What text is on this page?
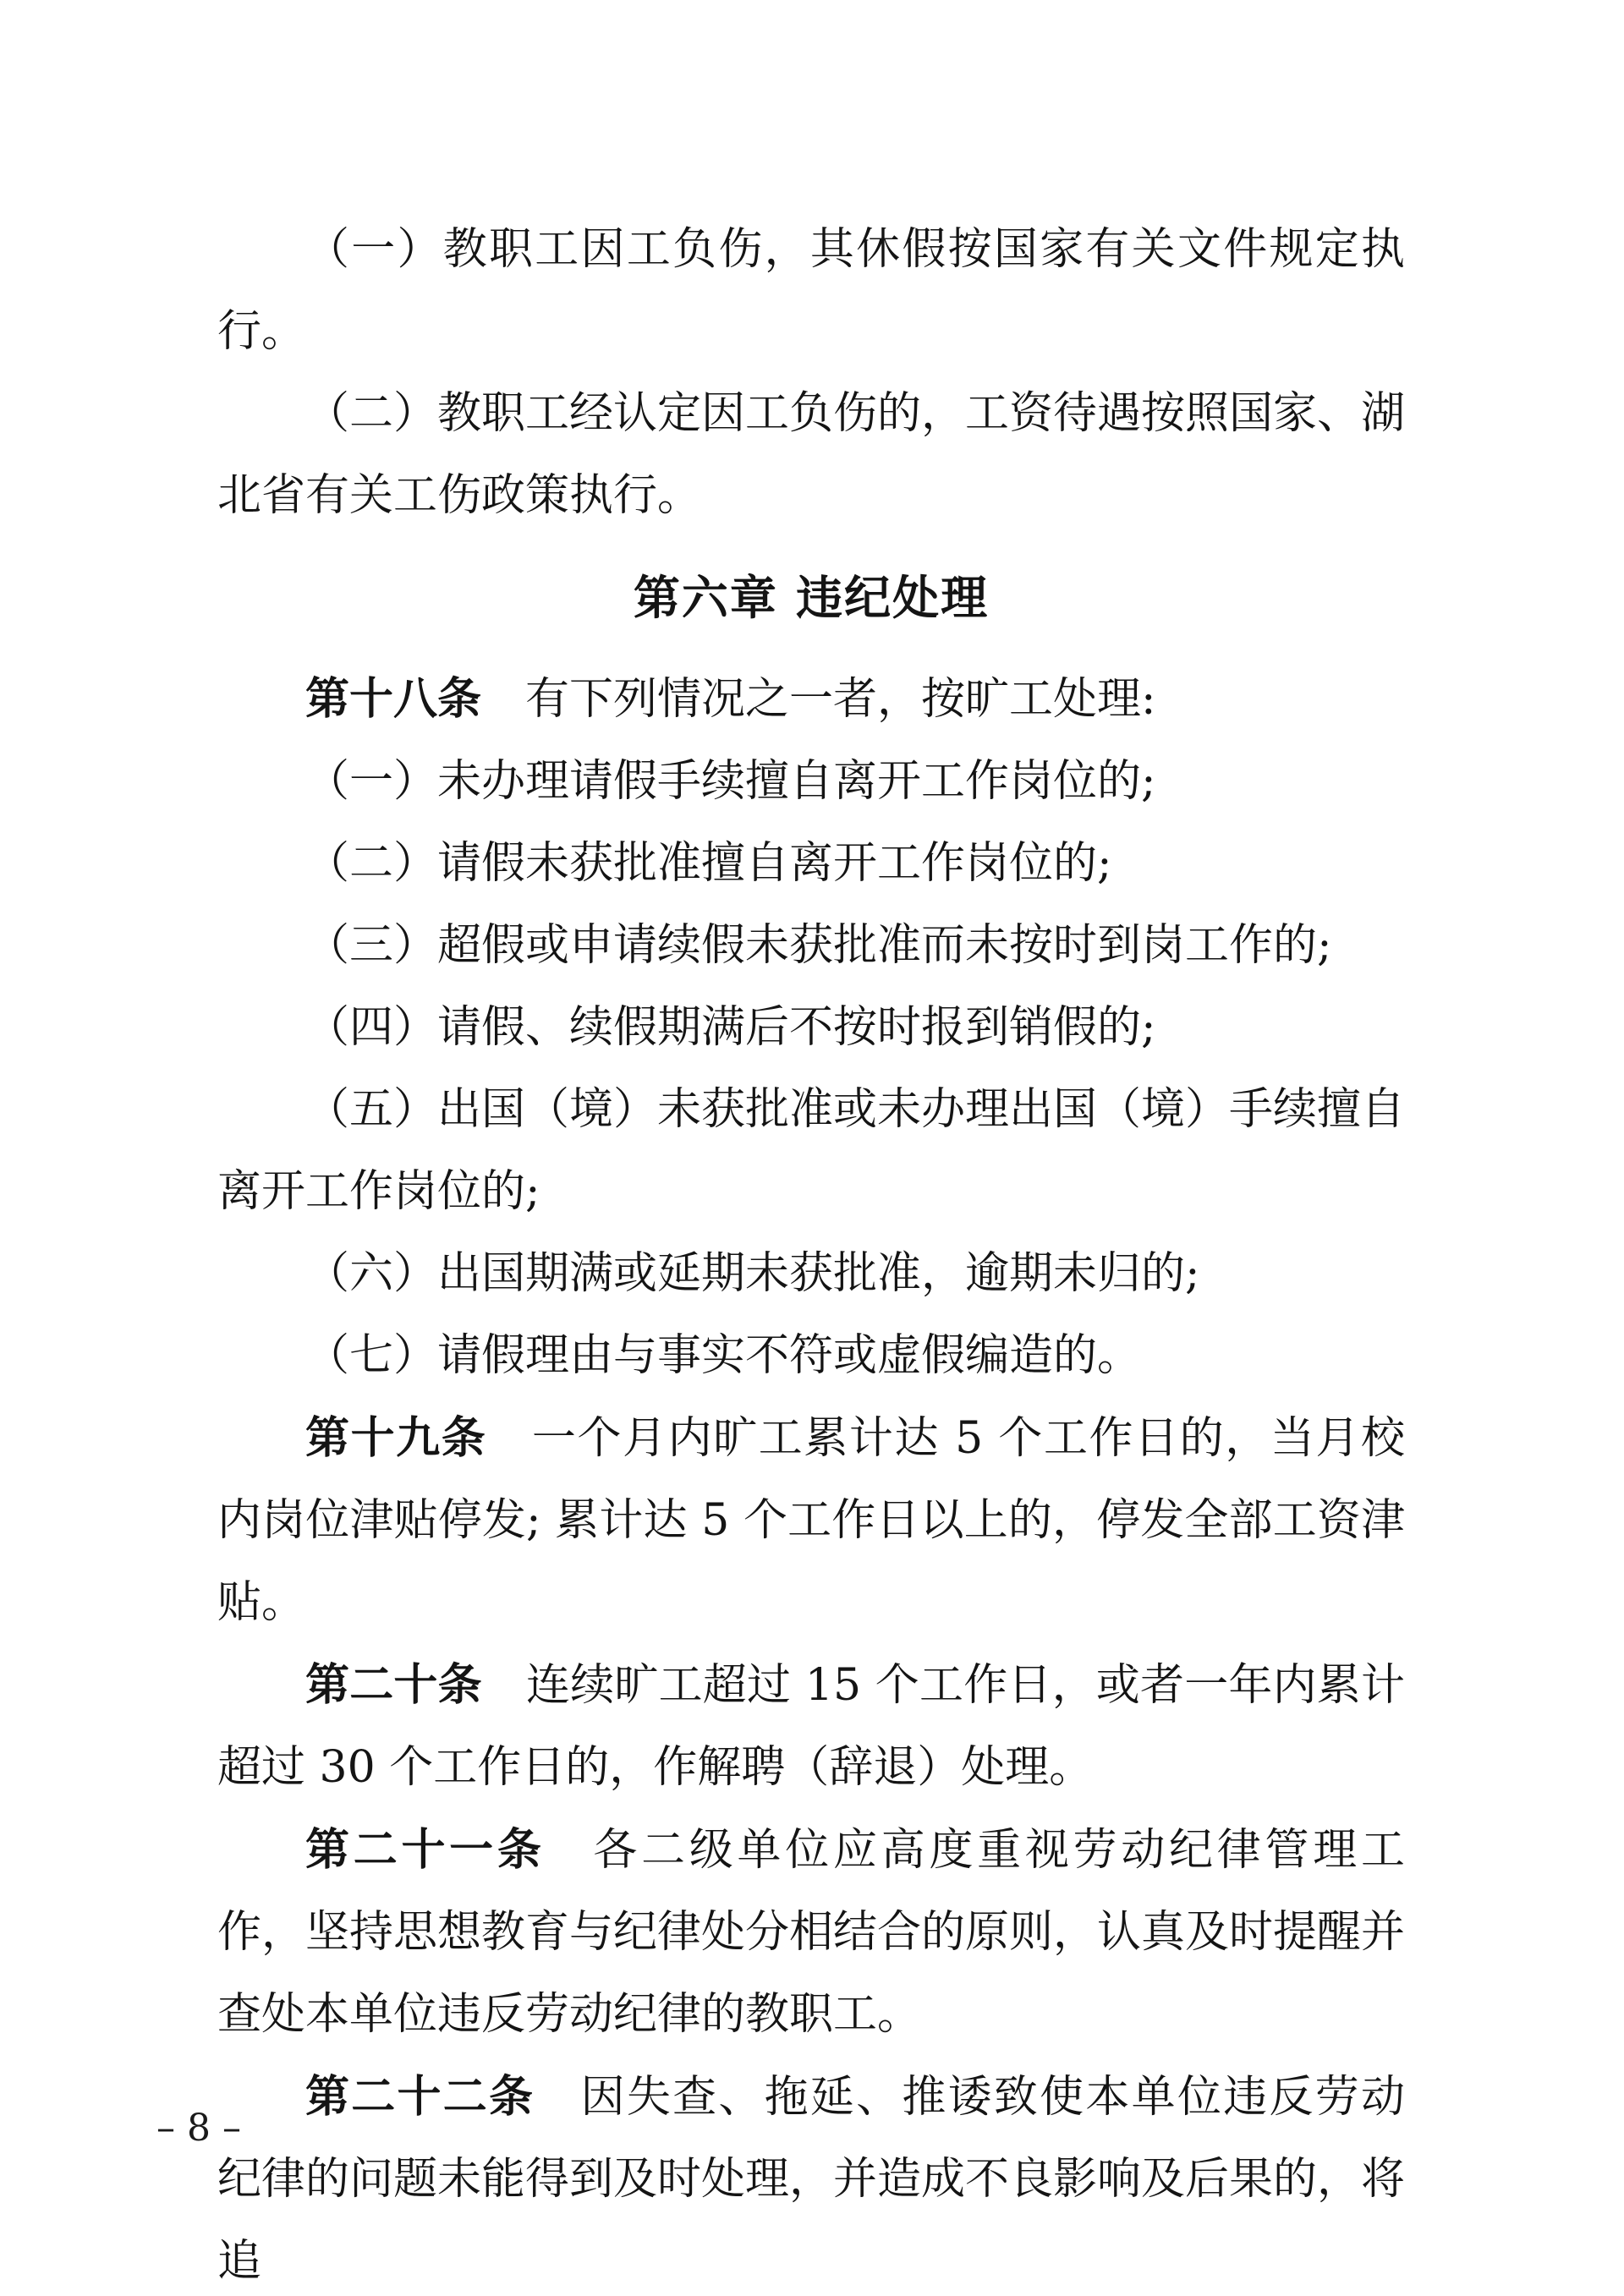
（一）教职工因工负伤，其休假按国家有关文件规定执行。

（二）教职工经认定因工负伤的，工资待遇按照国家、湖北省有关工伤政策执行。

第六章 违纪处理

第十八条　有下列情况之一者，按旷工处理:

（一）未办理请假手续擅自离开工作岗位的;

（二）请假未获批准擅自离开工作岗位的;

（三）超假或申请续假未获批准而未按时到岗工作的;

（四）请假、续假期满后不按时报到销假的;

（五）出国（境）未获批准或未办理出国（境）手续擅自离开工作岗位的;

（六）出国期满或延期未获批准，逾期未归的;

（七）请假理由与事实不符或虚假编造的。

第十九条　一个月内旷工累计达 5 个工作日的，当月校内岗位津贴停发; 累计达 5 个工作日以上的，停发全部工资津贴。

第二十条　连续旷工超过 15 个工作日，或者一年内累计超过 30 个工作日的，作解聘（辞退）处理。

第二十一条　各二级单位应高度重视劳动纪律管理工作，坚持思想教育与纪律处分相结合的原则，认真及时提醒并查处本单位违反劳动纪律的教职工。

第二十二条　因失查、拖延、推诿致使本单位违反劳动纪律的问题未能得到及时处理，并造成不良影响及后果的，将追

– 8 –
